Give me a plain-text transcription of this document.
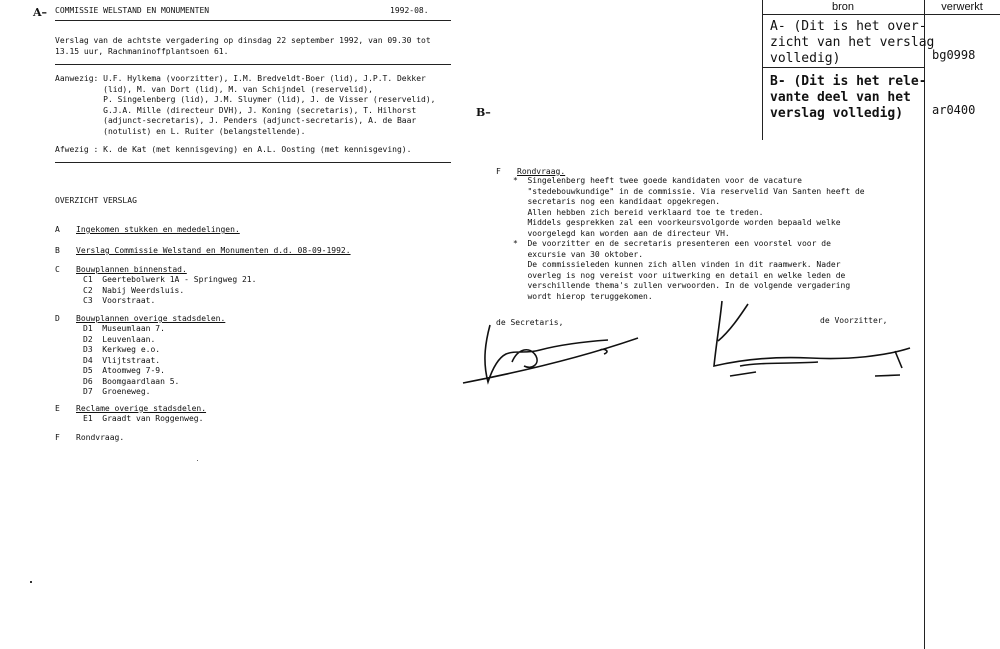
A–
B–
COMMISSIE WELSTAND EN MONUMENTEN	1992-08.
Verslag van de achtste vergadering op dinsdag 22 september 1992, van 09.30 tot
13.15 uur, Rachmaninoffplantsoen 61.
Aanwezig: U.F. Hylkema (voorzitter), I.M. Bredveldt-Boer (lid), J.P.T. Dekker
(lid), M. van Dort (lid), M. van Schijndel (reservelid),
P. Singelenberg (lid), J.M. Sluymer (lid), J. de Visser (reservelid),
G.J.A. Mille (directeur DVH), J. Koning (secretaris), T. Hilhorst
(adjunct-secretaris), J. Penders (adjunct-secretaris), A. de Baar
(notulist) en L. Ruiter (belangstellende).
Afwezig : K. de Kat (met kennisgeving) en A.L. Oosting (met kennisgeving).
OVERZICHT VERSLAG
A Ingekomen stukken en mededelingen.
B Verslag Commissie Welstand en Monumenten d.d. 08-09-1992.
C Bouwplannen binnenstad.
C1 Geertebolwerk 1A - Springweg 21.
C2 Nabij Weerdsluis.
C3 Voorstraat.
D Bouwplannen overige stadsdelen.
D1 Museumlaan 7.
D2 Leuvenlaan.
D3 Kerkweg e.o.
D4 Vlijtstraat.
D5 Atoomweg 7-9.
D6 Boomgaardlaan 5.
D7 Groeneweg.
E Reclame overige stadsdelen.
E1 Graadt van Roggenweg.
F Rondvraag.
F Rondvraag.
*  Singelenberg heeft twee goede kandidaten voor de vacature
"stedebouwkundige" in de commissie. Via reservelid Van Santen heeft de
secretaris nog een kandidaat opgekregen.
Allen hebben zich bereid verklaard toe te treden.
Middels gesprekken zal een voorkeursvolgorde worden bepaald welke
voorgelegd kan worden aan de directeur VH.
*  De voorzitter en de secretaris presenteren een voorstel voor de
excursie van 30 oktober.
De commissieleden kunnen zich allen vinden in dit raamwerk. Nader
overleg is nog vereist voor uitwerking en detail en welke leden de
verschillende thema's zullen verwoorden. In de volgende vergadering
wordt hierop teruggekomen.
de Secretaris,	de Voorzitter,
bron	verwerkt
A- (Dit is het over-
zicht van het verslag
volledig)	bg0998
B- (Dit is het rele-
vante deel van het
verslag volledig)	ar0400
